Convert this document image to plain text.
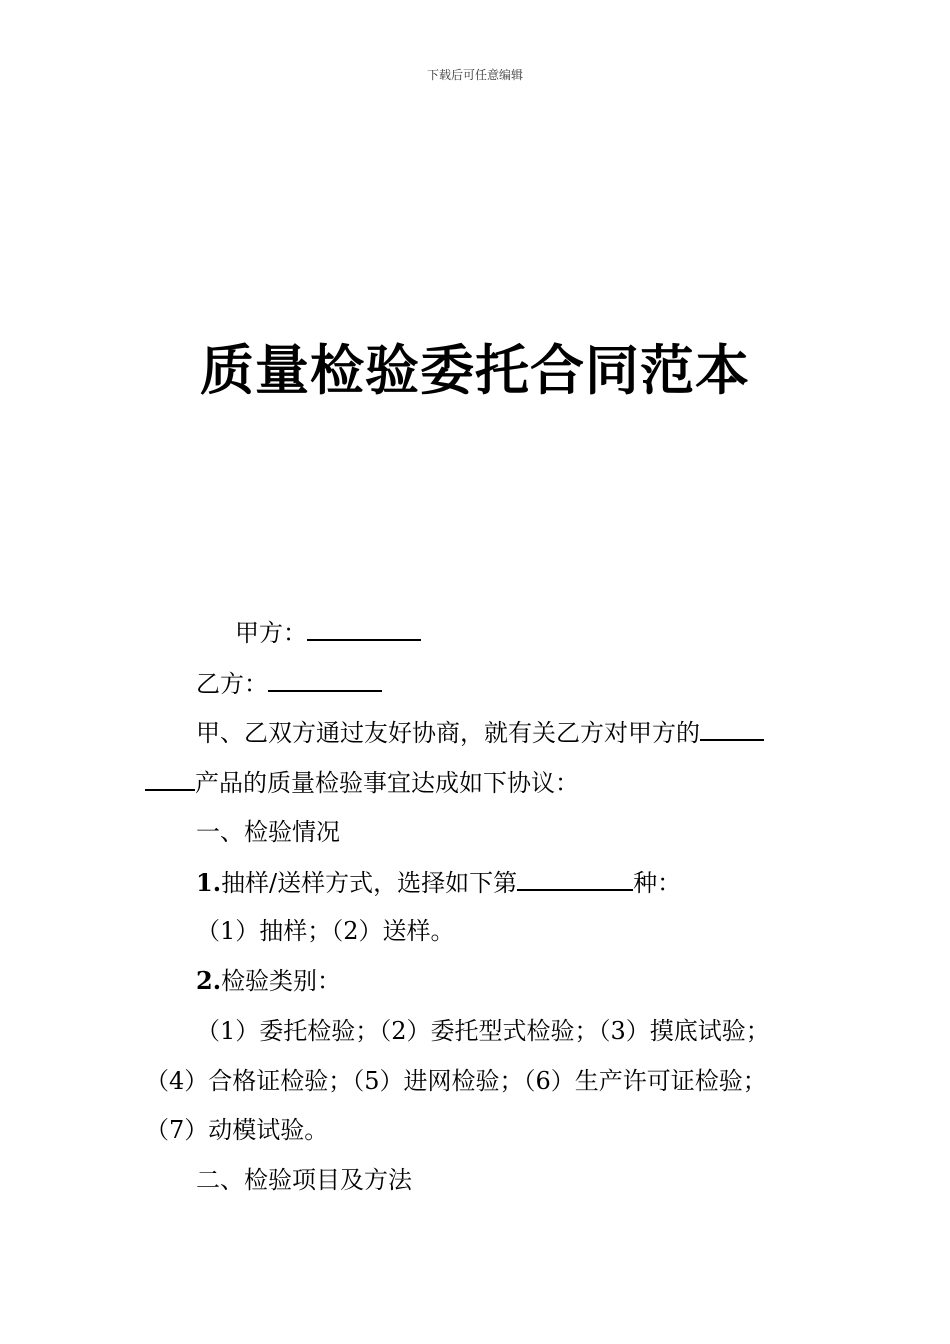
下载后可任意编辑
质量检验委托合同范本
甲方：
乙方：
甲、乙双方通过友好协商，就有关乙方对甲方的
产品的质量检验事宜达成如下协议：
一、检验情况
1.抽样/送样方式，选择如下第	种：
（1）抽样；（2）送样。
2.检验类别：
（1）委托检验；（2）委托型式检验；（3）摸底试验；
（4）合格证检验；（5）进网检验；（6）生产许可证检验；
（7）动模试验。
二、检验项目及方法
